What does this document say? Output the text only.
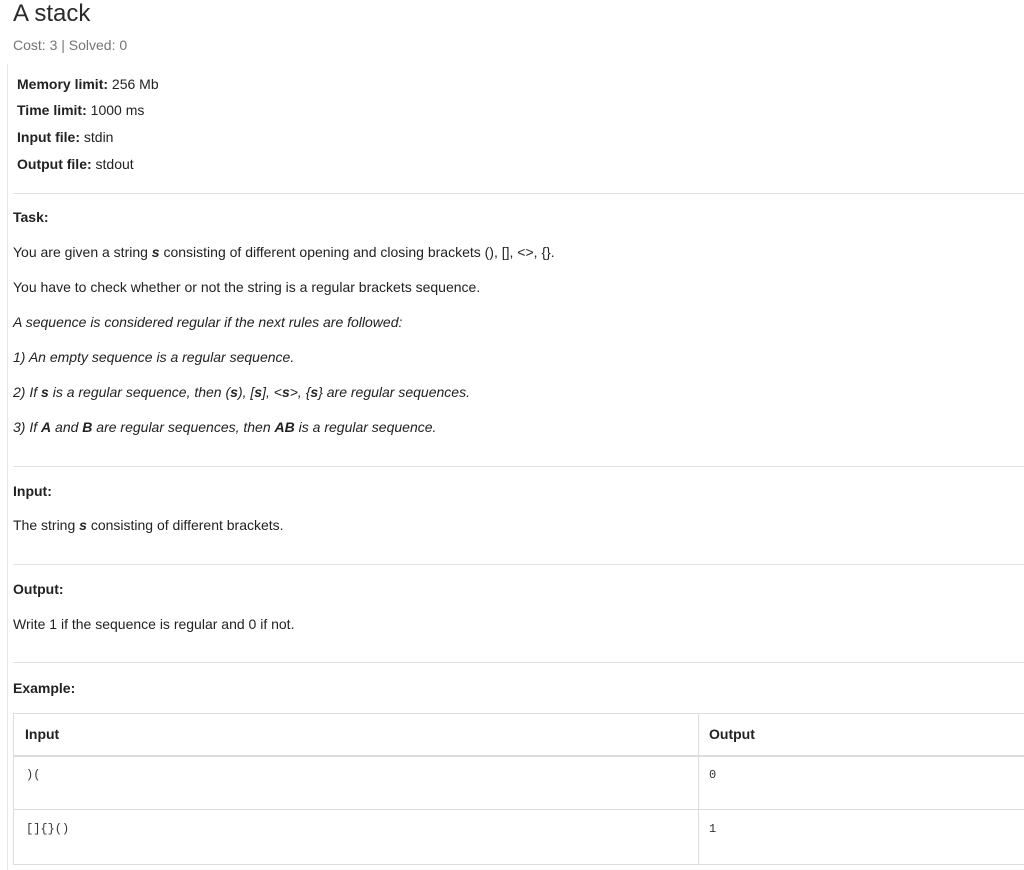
A stack
Cost: 3 | Solved: 0
Memory limit: 256 Mb
Time limit: 1000 ms
Input file: stdin
Output file: stdout
Task:
You are given a string s consisting of different opening and closing brackets (), [], <>, {}.
You have to check whether or not the string is a regular brackets sequence.
A sequence is considered regular if the next rules are followed:
1) An empty sequence is a regular sequence.
2) If s is a regular sequence, then (s), [s], <s>, {s} are regular sequences.
3) If A and B are regular sequences, then AB is a regular sequence.
Input:
The string s consisting of different brackets.
Output:
Write 1 if the sequence is regular and 0 if not.
Example:
Input	Output
)(	0
[]{}()	1
